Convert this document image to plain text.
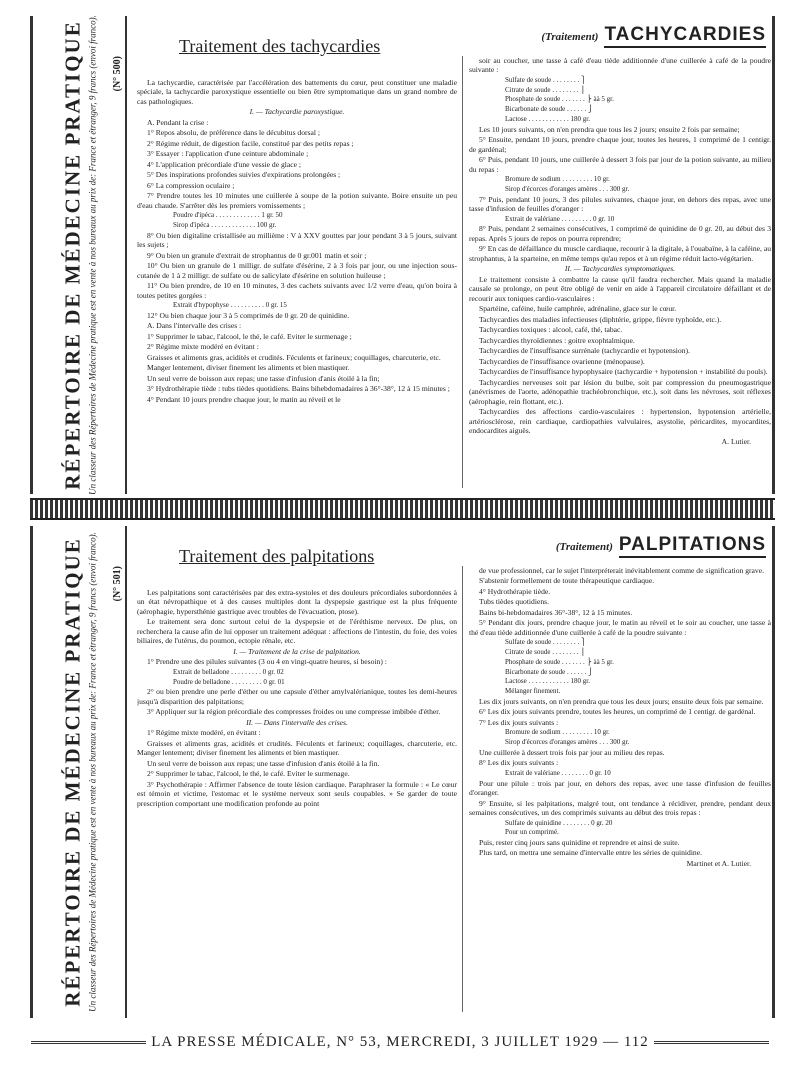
(N° 500)
RÉPERTOIRE DE MÉDECINE PRATIQUE Un classeur des Répertoires de Médecine pratique est en vente à nos bureaux au prix de: France et étranger, 9 francs (envoi franco).	(Traitement) TACHYCARDIES
Traitement des tachycardies

La tachycardie, caractérisée par l'accélération des battements du cœur, peut constituer une maladie spéciale, la tachycardie paroxystique essentielle ou bien être symptomatique dans un grand nombre de cas pathologiques.

I. — Tachycardie paroxystique.

A. Pendant la crise :

1° Repos absolu, de préférence dans le décubitus dorsal ;

2° Régime réduit, de digestion facile, constitué par des petits repas ;

3° Essayer : l'application d'une ceinture abdominale ;

4° L'application précordiale d'une vessie de glace ;

5° Des inspirations profondes suivies d'expirations prolongées ;

6° La compression oculaire ;

7° Prendre toutes les 10 minutes une cuillerée à soupe de la potion suivante. Boire ensuite un peu d'eau chaude. S'arrêter dès les premiers vomissements ;

Poudre d'ipéca . . . . . . . . . . . . . 1 gr. 50

Sirop d'ipéca . . . . . . . . . . . . . 100 gr.

8° Ou bien digitaline cristallisée au millième : V à XXV gouttes par jour pendant 3 à 5 jours, suivant les sujets ;

9° Ou bien un granule d'extrait de strophantus de 0 gr.001 matin et soir ;

10° Ou bien un granule de 1 milligr. de sulfate d'ésérine, 2 à 3 fois par jour, ou une injection sous-cutanée de 1 à 2 milligr. de sulfate ou de salicylate d'ésérine en solution huileuse ;

11° Ou bien prendre, de 10 en 10 minutes, 3 des cachets suivants avec 1/2 verre d'eau, qu'on boira à toutes petites gorgées :

Extrait d'hypophyse . . . . . . . . . . 0 gr. 15

12° Ou bien chaque jour 3 à 5 comprimés de 0 gr. 20 de quinidine.

A. Dans l'intervalle des crises :

1° Supprimer le tabac, l'alcool, le thé, le café. Eviter le surmenage ;

2° Régime mixte modéré en évitant :

Graisses et aliments gras, acidités et crudités. Féculents et farineux; coquillages, charcuterie, etc.

Manger lentement, diviser finement les aliments et bien mastiquer.

Un seul verre de boisson aux repas; une tasse d'infusion d'anis étoilé à la fin;

3° Hydrothérapie tiède : tubs tièdes quotidiens. Bains bihebdomadaires à 36°-38°, 12 à 15 minutes ;

4° Pendant 10 jours prendre chaque jour, le matin au réveil et le

soir au coucher, une tasse à café d'eau tiède additionnée d'une cuillerée à café de la poudre suivante :

Sulfate de soude . . . . . . . . ⎫

Citrate de soude . . . . . . . . ⎪

Phosphate de soude . . . . . . . ⎬ àà 5 gr.

Bicarbonate de soude . . . . . . ⎭

Lactose . . . . . . . . . . . . 180 gr.

Les 10 jours suivants, on n'en prendra que tous les 2 jours; ensuite 2 fois par semaine;

5° Ensuite, pendant 10 jours, prendre chaque jour, toutes les heures, 1 comprimé de 1 centigr. de gardénal;

6° Puis, pendant 10 jours, une cuillerée à dessert 3 fois par jour de la potion suivante, au milieu du repas :

Bromure de sodium . . . . . . . . . 10 gr.

Sirop d'écorces d'oranges amères . . . 300 gr.

7° Puis, pendant 10 jours, 3 des pilules suivantes, chaque jour, en dehors des repas, avec une tasse d'infusion de feuilles d'oranger :

Extrait de valériane . . . . . . . . . 0 gr. 10

8° Puis, pendant 2 semaines consécutives, 1 comprimé de quinidine de 0 gr. 20, au début des 3 repas. Après 5 jours de repos on pourra reprendre;

9° En cas de défaillance du muscle cardiaque, recourir à la digitale, à l'ouabaïne, à la caféine, au strophantus, à la sparteine, en même temps qu'au repos et à un régime réduit lacto-végétarien.

II. — Tachycardies symptomatiques.

Le traitement consiste à combattre la cause qu'il faudra rechercher. Mais quand la maladie causale se prolonge, on peut être obligé de venir en aide à l'appareil circulatoire défaillant et de recourir aux toniques cardio-vasculaires :

Spartéine, caféine, huile camphrée, adrénaline, glace sur le cœur.

Tachycardies des maladies infectieuses (diphtérie, grippe, fièvre typhoïde, etc.).

Tachycardies toxiques : alcool, café, thé, tabac.

Tachycardies thyroïdiennes : goitre exophtalmique.

Tachycardies de l'insuffisance surrénale (tachycardie et hypotension).

Tachycardies de l'insuffisance ovarienne (ménopause).

Tachycardies de l'insuffisance hypophysaire (tachycardie + hypotension + instabilité du pouls).

Tachycardies nerveuses soit par lésion du bulbe, soit par compression du pneumogastrique (anévrismes de l'aorte, adénopathie trachéobronchique, etc.), soit dans les névroses, soit réflexes (aérophagie, rein flottant, etc.).

Tachycardies des affections cardio-vasculaires : hypertension, hypotension artérielle, artériosclérose, rein cardiaque, cardiopathies valvulaires, asystolie, péricardites, myocardites, endocardites aiguës.

A. Lutier.

(N° 501)
RÉPERTOIRE DE MÉDECINE PRATIQUE Un classeur des Répertoires de Médecine pratique est en vente à nos bureaux au prix de: France et étranger, 9 francs (envoi franco).	(Traitement) PALPITATIONS
Traitement des palpitations

Les palpitations sont caractérisées par des extra-systoles et des douleurs précordiales subordonnées à un état névropathique et à des causes multiples dont la dyspepsie gastrique est la plus fréquente (aérophagie, hypersthénie gastrique avec troubles de l'évacuation, ptose).

Le traitement sera donc surtout celui de la dyspepsie et de l'éréthisme nerveux. De plus, on recherchera la cause afin de lui opposer un traitement adéquat : affections de l'intestin, du foie, des voies biliaires, de l'utérus, du poumon, ectopie rénale, etc.

I. — Traitement de la crise de palpitation.

1° Prendre une des pilules suivantes (3 ou 4 en vingt-quatre heures, si besoin) :

Extrait de belladone . . . . . . . . . 0 gr. 02

Poudre de belladone . . . . . . . . . 0 gr. 01

2° ou bien prendre une perle d'éther ou une capsule d'éther amylvalérianique, toutes les demi-heures jusqu'à disparition des palpitations;

3° Appliquer sur la région précordiale des compresses froides ou une compresse imbibée d'éther.

II. — Dans l'intervalle des crises.

1° Régime mixte modéré, en évitant :

Graisses et aliments gras, acidités et crudités. Féculents et farineux; coquillages, charcuterie, etc. Manger lentement; diviser finement les aliments et bien mastiquer.

Un seul verre de boisson aux repas; une tasse d'infusion d'anis étoilé à la fin.

2° Supprimer le tabac, l'alcool, le thé, le café. Eviter le surmenage.

3° Psychothérapie : Affirmer l'absence de toute lésion cardiaque. Paraphraser la formule : « Le cœur est témoin et victime, l'estomac et le système nerveux sont seuls coupables. » Se garder de toute prescription comportant une modification profonde au point

de vue professionnel, car le sujet l'interpréterait inévitablement comme de signification grave.

S'abstenir formellement de toute thérapeutique cardiaque.

4° Hydrothérapie tiède.

Tubs tièdes quotidiens.

Bains bi-hebdomadaires 36°-38°, 12 à 15 minutes.

5° Pendant dix jours, prendre chaque jour, le matin au réveil et le soir au coucher, une tasse à thé d'eau tiède additionnée d'une cuillerée à café de la poudre suivante :

Sulfate de soude . . . . . . . . ⎫

Citrate de soude . . . . . . . . ⎪

Phosphate de soude . . . . . . . ⎬ àà 5 gr.

Bicarbonate de soude . . . . . . ⎭

Lactose . . . . . . . . . . . . 180 gr.

Mélanger finement.

Les dix jours suivants, on n'en prendra que tous les deux jours; ensuite deux fois par semaine.

6° Les dix jours suivants prendre, toutes les heures, un comprimé de 1 centigr. de gardénal.

7° Les dix jours suivants :

Bromure de sodium . . . . . . . . . 10 gr.

Sirop d'écorces d'oranges amères . . . 300 gr.

Une cuillerée à dessert trois fois par jour au milieu des repas.

8° Les dix jours suivants :

Extrait de valériane . . . . . . . . 0 gr. 10

Pour une pilule : trois par jour, en dehors des repas, avec une tasse d'infusion de feuilles d'oranger.

9° Ensuite, si les palpitations, malgré tout, ont tendance à récidiver, prendre, pendant deux semaines consécutives, un des comprimés suivants au début des trois repas :

Sulfate de quinidine . . . . . . . . 0 gr. 20

Pour un comprimé.

Puis, rester cinq jours sans quinidine et reprendre et ainsi de suite.

Plus tard, on mettra une semaine d'intervalle entre les séries de quinidine.

Martinet et A. Lutier.

LA PRESSE MÉDICALE, N° 53, MERCREDI, 3 JUILLET 1929 — 112
